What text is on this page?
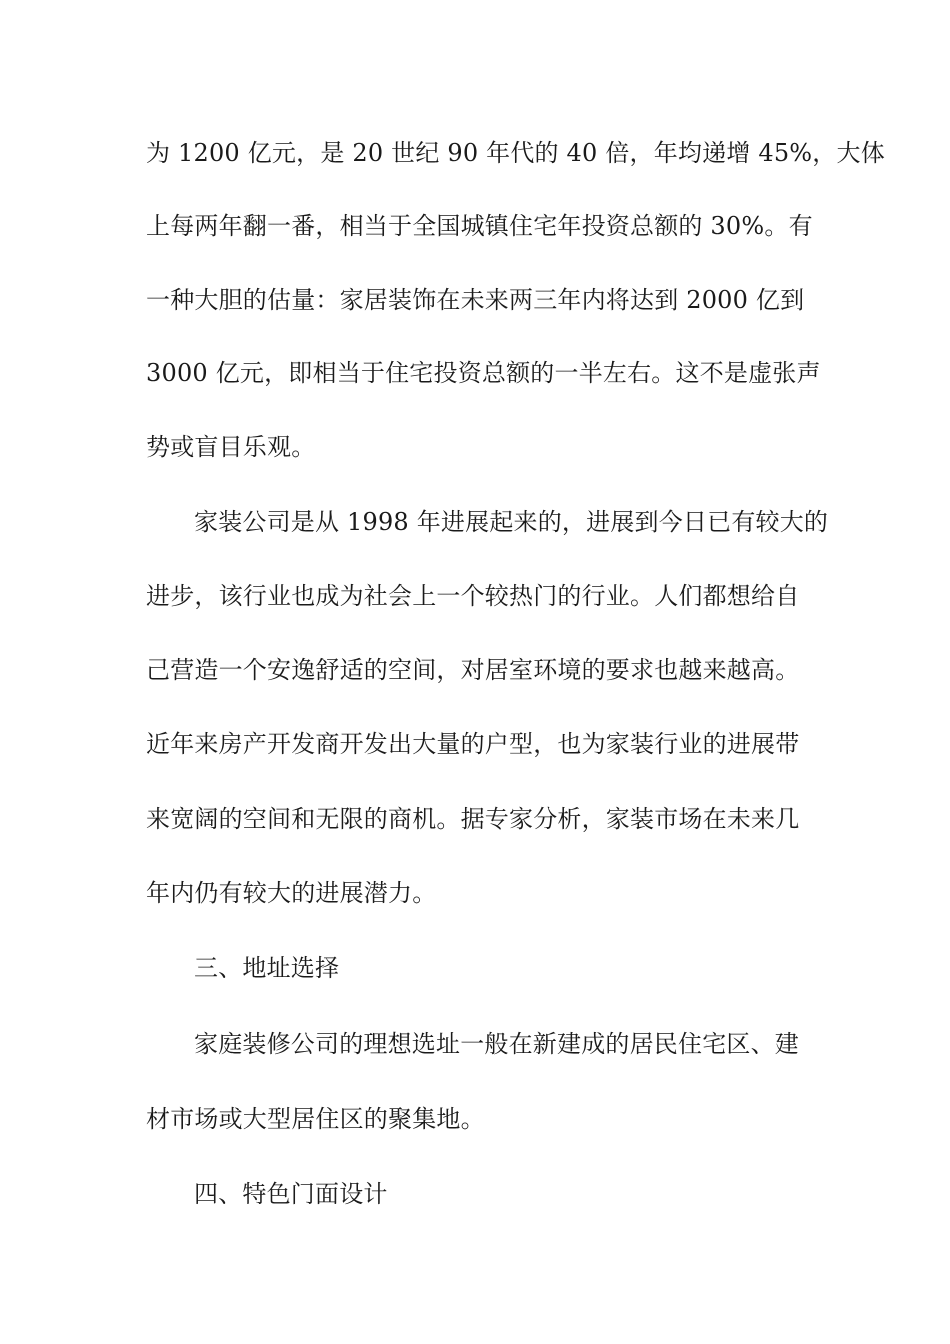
为 1200 亿元，是 20 世纪 90 年代的 40 倍，年均递增 45%，大体
上每两年翻一番，相当于全国城镇住宅年投资总额的 30%。有
一种大胆的估量：家居装饰在未来两三年内将达到 2000 亿到
3000 亿元，即相当于住宅投资总额的一半左右。这不是虚张声
势或盲目乐观。
家装公司是从 1998 年进展起来的，进展到今日已有较大的
进步，该行业也成为社会上一个较热门的行业。人们都想给自
己营造一个安逸舒适的空间，对居室环境的要求也越来越高。
近年来房产开发商开发出大量的户型，也为家装行业的进展带
来宽阔的空间和无限的商机。据专家分析，家装市场在未来几
年内仍有较大的进展潜力。
三、地址选择
家庭装修公司的理想选址一般在新建成的居民住宅区、建
材市场或大型居住区的聚集地。
四、特色门面设计
